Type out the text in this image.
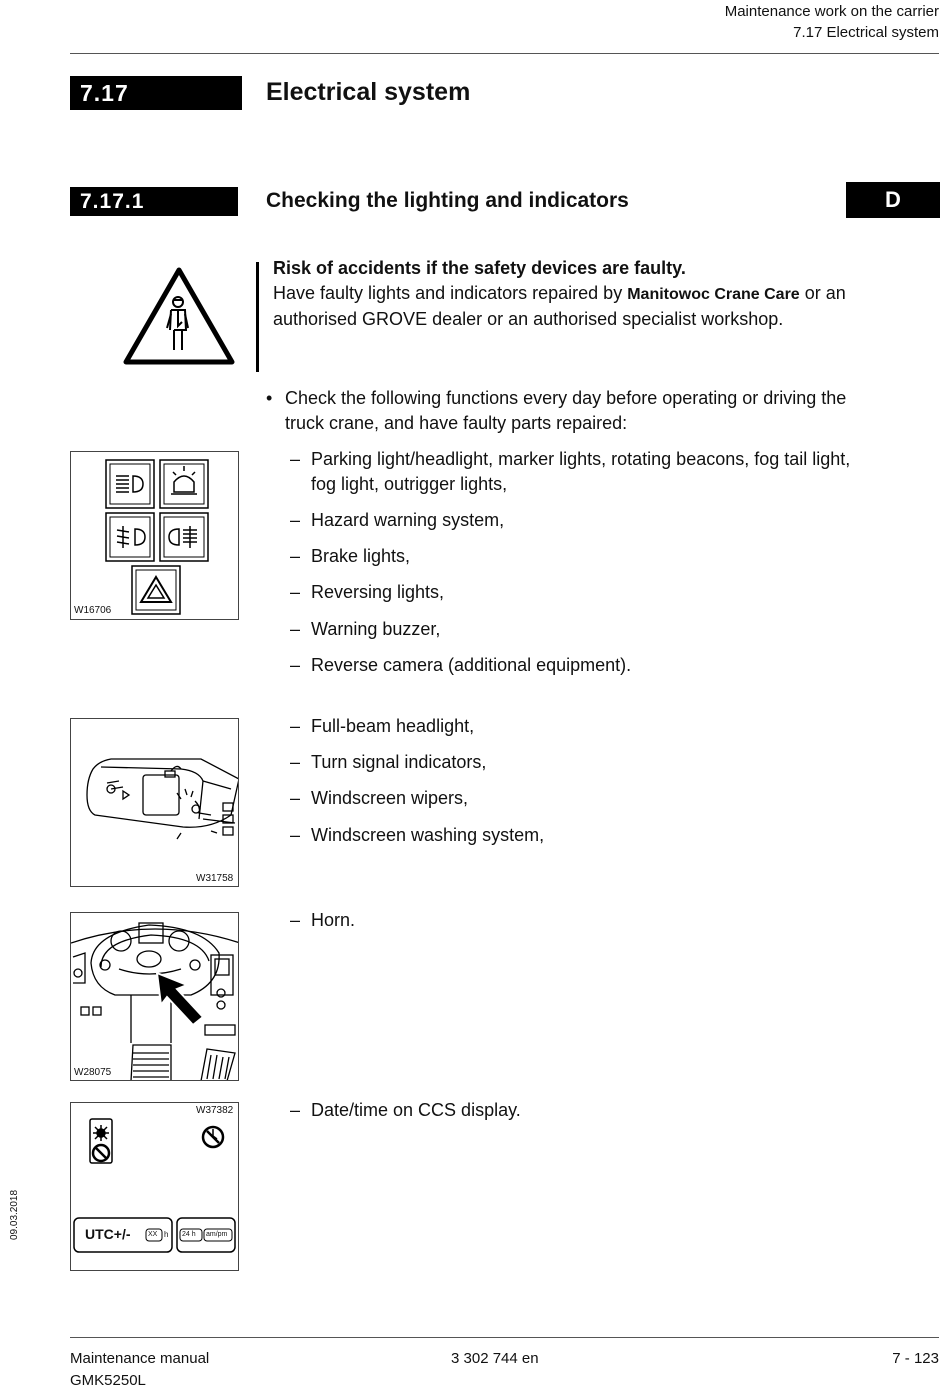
Maintenance work on the carrier
7.17 Electrical system
7.17	Electrical system
7.17.1	Checking the lighting and indicators	D
Risk of accidents if the safety devices are faulty.
Have faulty lights and indicators repaired by Manitowoc Crane Care or an
authorised GROVE dealer or an authorised specialist workshop.
• Check the following functions every day before operating or driving the
truck crane, and have faulty parts repaired:
– Parking light/headlight, marker lights, rotating beacons, fog tail light,
fog light, outrigger lights,
– Hazard warning system,
– Brake lights,
– Reversing lights,
– Warning buzzer,
– Reverse camera (additional equipment).
W16706
– Full-beam headlight,
– Turn signal indicators,
– Windscreen wipers,
– Windscreen washing system,
W31758
– Horn.
W28075
– Date/time on CCS display.
W37382
UTC+/-	XX h 24 h am/pm
09.03.2018
Maintenance manual
GMK5250L
3 302 744 en	7 - 123
